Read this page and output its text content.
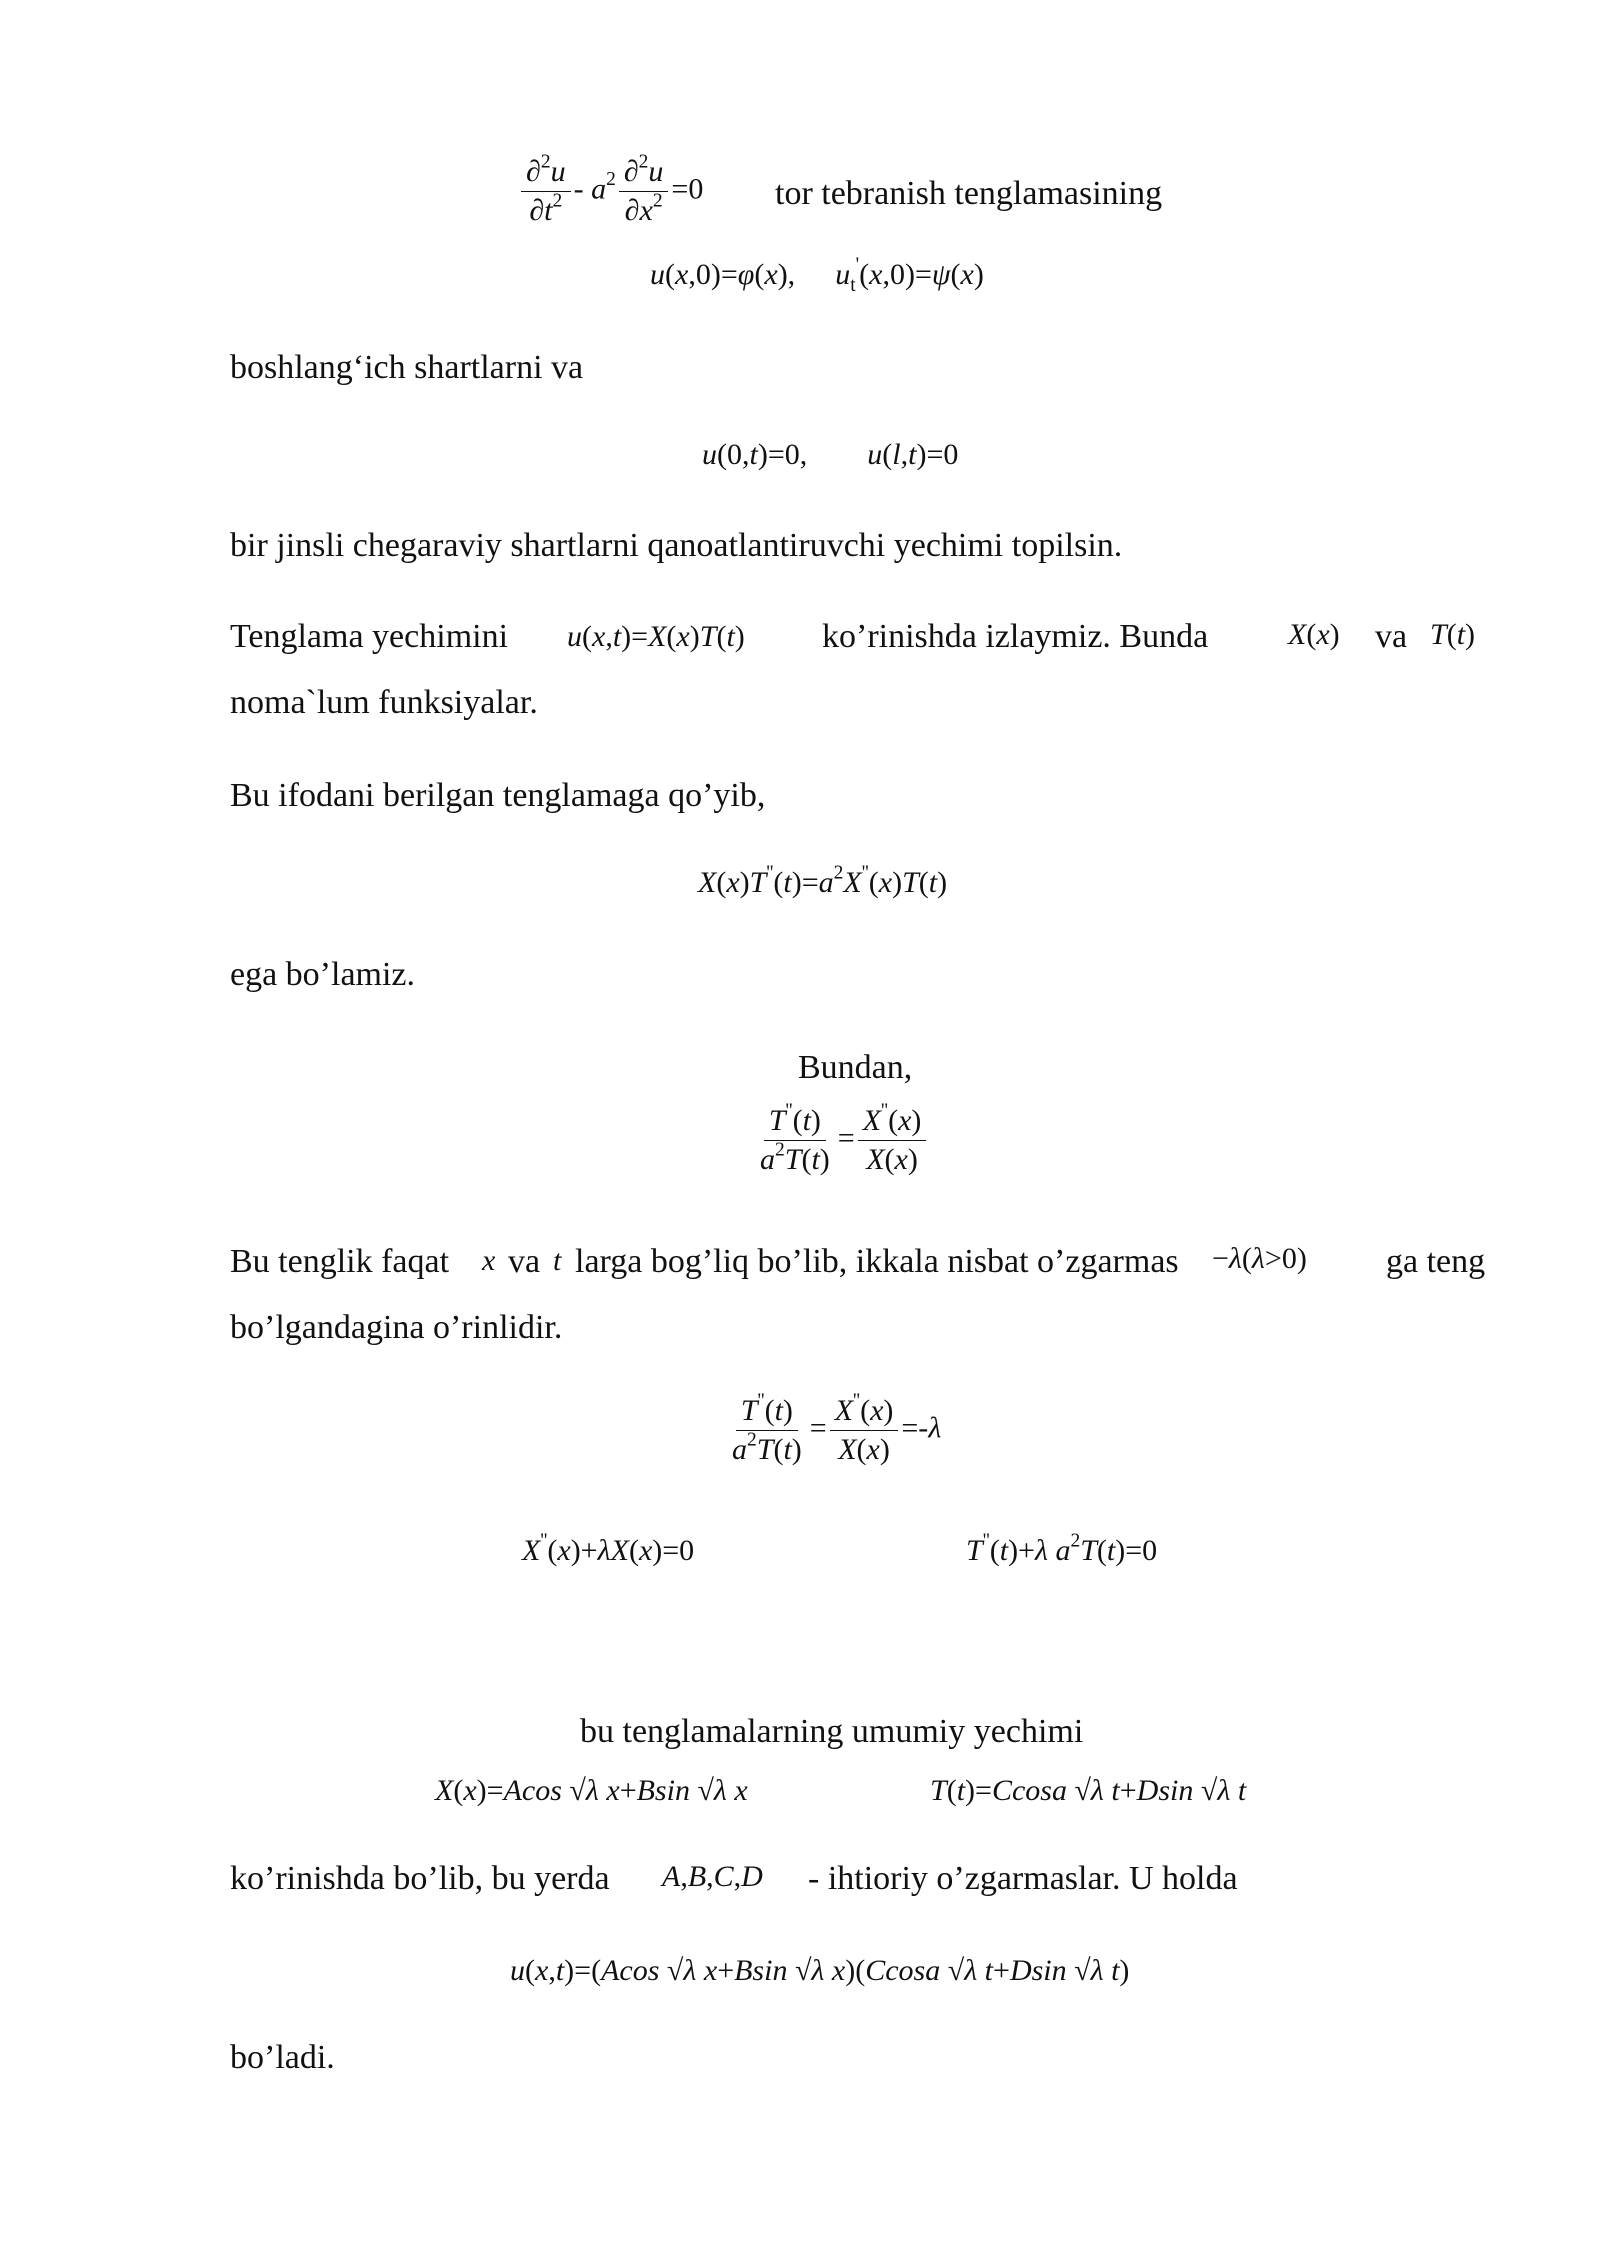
$\frac{\partial^2u}{\partial t^2} - a^2 \frac{\partial^2u}{\partial x^2} =0$ tor tebranish tenglamasining
u(x,0)=φ(x), $u_t'(x,0)=\psi(x)$
boshlang‘ich shartlarni va
u(0,t)=0, u(l,t)=0
bir jinsli chegaraviy shartlarni qanoatlantiruvchi yechimi topilsin.
Tenglama yechimini u(x,t)=X(x)T(t) ko’rinishda izlaymiz. Bunda	X(x) va T(t)
noma`lum funksiyalar.
Bu ifodani berilgan tenglamaga qo’yib,
$X(x)T''(t)=a^2X''(x)T(t)$
ega bo’lamiz.
Bundan,
$\frac{T''(t)}{a^2T(t)} = \frac{X''(x)}{X(x)}$
Bu tenglik faqat x va t larga bog’liq bo’lib, ikkala nisbat o’zgarmas −λ(λ>0) ga teng
bo’lgandagina o’rinlidir.
$\frac{T''(t)}{a^2T(t)} = \frac{X''(x)}{X(x)} =-\lambda$
X''(x)+λX(x)=0	T''(t)+λ $a^2T(t)=0$
bu tenglamalarning umumiy yechimi
X(x)=Acos √λ x+Bsin √λ x	T(t)=Ccosa √λ t+Dsin √λ t
ko’rinishda bo’lib, bu yerda A,B,C,D - ihtioriy o’zgarmaslar. U holda
u(x,t)=(Acos √λ x+Bsin √λ x)(Ccosa √λ t+Dsin √λ t)
bo’ladi.
